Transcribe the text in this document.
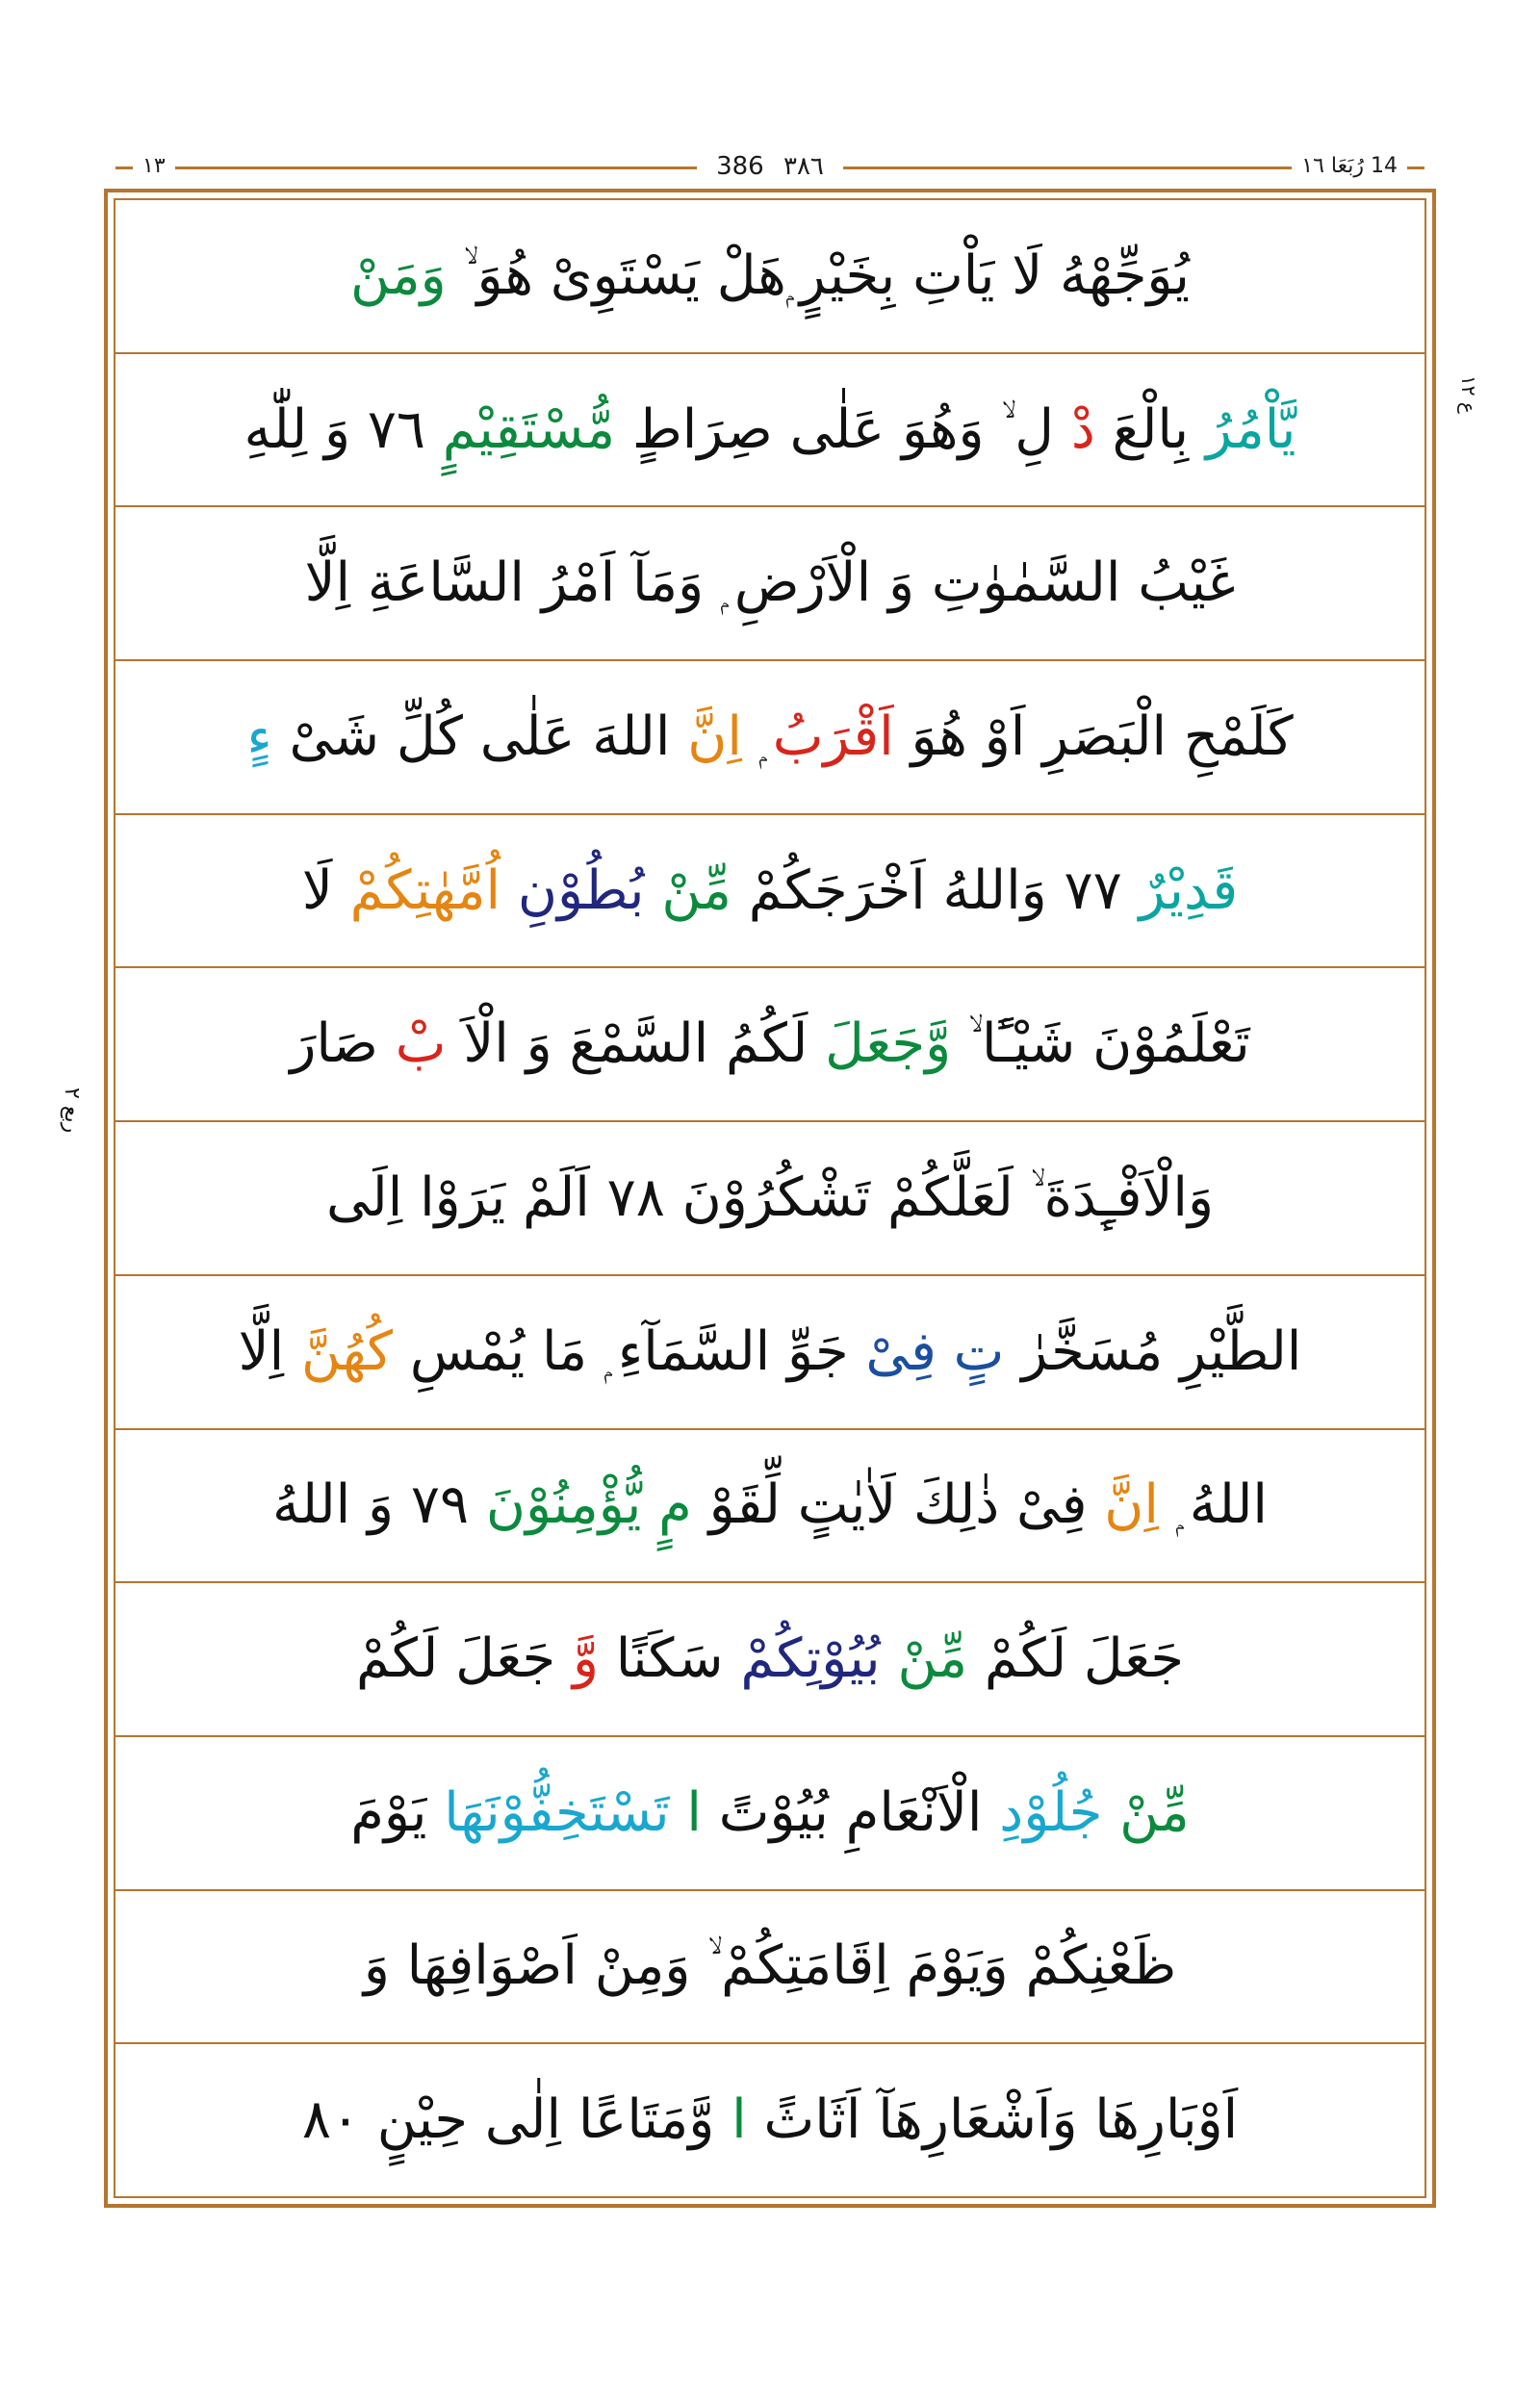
14 رُبَعَا ١٦
٣٨٦ 386
١٣
ع ١٢
ربع ٢
يُوَجِّهْهُ لَا يَاْتِ بِخَيْرٍ ۭهَلْ يَسْتَوِىْ هُوَ ۙ وَمَنْ
يَّاْمُرُ بِالْعَ دْ لِ ۙ وَهُوَ عَلٰى صِرَاطٍ مُّسْتَقِيْمٍ ٧٦ وَ لِلّٰهِ
غَيْبُ السَّمٰوٰتِ وَ الْاَرْضِ ۭ وَمَآ اَمْرُ السَّاعَةِ اِلَّا
كَلَمْحِ الْبَصَرِ اَوْ هُوَ اَقْرَبُ اِنَّ اللهَ عَلٰى كُلِّ شَىْ ءٍ
قَدِيْرٌ ٧٧ وَاللهُ اَخْرَجَكُمْ مِّنْ بُطُوْنِ اُمَّهٰتِكُمْ لَا
تَعْلَمُوْنَ شَيْـًٔا ۙ وَّجَعَلَ لَكُمُ السَّمْعَ وَ الْاَ بْ صَارَ
وَالْاَفْـِٕدَةَ ۙ لَعَلَّكُمْ تَشْكُرُوْنَ ٧٨ اَلَمْ يَرَوْا اِلَى
الطَّيْرِ مُسَخَّرٰ تٍ فِىْ جَوِّ السَّمَآءِ ۭ مَا يُمْسِ كُهُنَّ اِلَّا
اللهُ ۭ اِنَّ فِىْ ذٰلِكَ لَاٰيٰتٍ لِّقَوْ مٍ يُّؤْمِنُوْنَ ٧٩ وَ اللهُ
جَعَلَ لَكُمْ مِّنْ بُيُوْتِكُمْ سَكَنًا وَّ جَعَلَ لَكُمْ
مِّنْ جُلُوْدِ الْاَنْعَامِ بُيُوْتً ا تَسْتَخِفُّوْنَهَا يَوْمَ
ظَعْنِكُمْ وَيَوْمَ اِقَامَتِكُمْ ۙ وَمِنْ اَصْوَافِهَا وَ
اَوْبَارِهَا وَاَشْعَارِهَآ اَثَاثً ا وَّمَتَاعًا اِلٰى حِيْنٍ ٨٠
